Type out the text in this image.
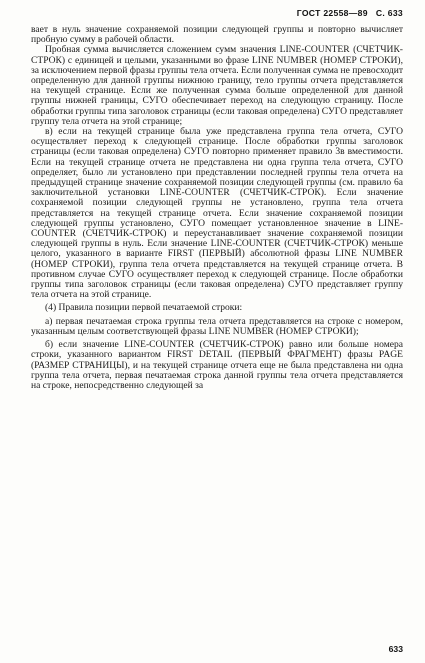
ГОСТ 22558—89 С. 633

вает в нуль значение сохраняемой позиции следующей группы и повторно вычисляет пробную сумму в рабочей области.

Пробная сумма вычисляется сложением сумм значения LINE-COUNTER (СЧЕТЧИК-СТРОК) с единицей и целыми, указанными во фразе LINE NUMBER (НОМЕР СТРОКИ), за исключением первой фразы группы тела отчета. Если полученная сумма не превосходит определенную для данной группы нижнюю границу, тело группы отчета представляется на текущей странице. Если же полученная сумма больше определенной для данной группы нижней границы, СУГО обеспечивает переход на следующую страницу. После обработки группы типа заголовок страницы (если таковая определена) СУГО представляет группу тела отчета на этой странице;

в) если на текущей странице была уже представлена группа тела отчета, СУГО осуществляет переход к следующей странице. После обработки группы заголовок страницы (если таковая определена) СУГО повторно применяет правило 3в вместимости. Если на текущей странице отчета не представлена ни одна группа тела отчета, СУГО определяет, было ли установлено при представлении последней группы тела отчета на предыдущей странице значение сохраняемой позиции следующей группы (см. правило 6а заключительной установки LINE-COUNTER (СЧЕТЧИК-СТРОК). Если значение сохраняемой позиции следующей группы не установлено, группа тела отчета представляется на текущей странице отчета. Если значение сохраняемой позиции следующей группы установлено, СУГО помещает установленное значение в LINE-COUNTER (СЧЕТЧИК-СТРОК) и переустанавливает значение сохраняемой позиции следующей группы в нуль. Если значение LINE-COUNTER (СЧЕТЧИК-СТРОК) меньше целого, указанного в варианте FIRST (ПЕРВЫЙ) абсолютной фразы LINE NUMBER (НОМЕР СТРОКИ), группа тела отчета представляется на текущей странице отчета. В противном случае СУГО осуществляет переход к следующей странице. После обработки группы типа заголовок страницы (если таковая определена) СУГО представляет группу тела отчета на этой странице.

(4) Правила позиции первой печатаемой строки:

а) первая печатаемая строка группы тела отчета представляется на строке с номером, указанным целым соответствующей фразы LINE NUMBER (НОМЕР СТРОКИ);

б) если значение LINE-COUNTER (СЧЕТЧИК-СТРОК) равно или больше номера строки, указанного вариантом FIRST DETAIL (ПЕРВЫЙ ФРАГМЕНТ) фразы PAGE (РАЗМЕР СТРАНИЦЫ), и на текущей странице отчета еще не была представлена ни одна группа тела отчета, первая печатаемая строка данной группы тела отчета представляется на строке, непосредственно следующей за

633
